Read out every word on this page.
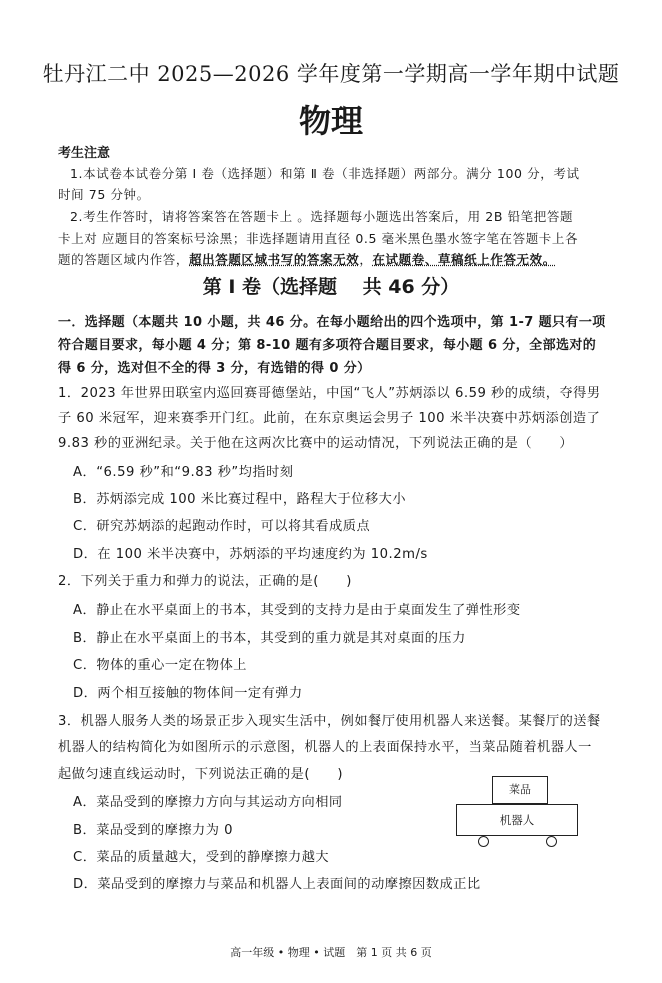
牡丹江二中 2025—2026 学年度第一学期高一学年期中试题
物理
考生注意
1.本试卷本试卷分第 Ⅰ 卷（选择题）和第 Ⅱ 卷（非选择题）两部分。满分 100 分，考试
时间 75 分钟。
2.考生作答时，请将答案答在答题卡上 。选择题每小题选出答案后，用 2B 铅笔把答题
卡上对 应题目的答案标号涂黑；非选择题请用直径 0.5 毫米黑色墨水签字笔在答题卡上各
题的答题区域内作答，超出答题区域书写的答案无效，在试题卷、草稿纸上作答无效。
第 Ⅰ 卷（选择题　 共 46 分）
一．选择题（本题共 10 小题，共 46 分。在每小题给出的四个选项中，第 1-7 题只有一项
符合题目要求，每小题 4 分；第 8-10 题有多项符合题目要求，每小题 6 分，全部选对的
得 6 分，选对但不全的得 3 分，有选错的得 0 分）
1．2023 年世界田联室内巡回赛哥德堡站，中国“飞人”苏炳添以 6.59 秒的成绩，夺得男
子 60 米冠军，迎来赛季开门红。此前，在东京奥运会男子 100 米半决赛中苏炳添创造了
9.83 秒的亚洲纪录。关于他在这两次比赛中的运动情况，下列说法正确的是（　　）
A．“6.59 秒”和“9.83 秒”均指时刻
B．苏炳添完成 100 米比赛过程中，路程大于位移大小
C．研究苏炳添的起跑动作时，可以将其看成质点
D．在 100 米半决赛中，苏炳添的平均速度约为 10.2m/s
2．下列关于重力和弹力的说法，正确的是(　　)
A．静止在水平桌面上的书本，其受到的支持力是由于桌面发生了弹性形变
B．静止在水平桌面上的书本，其受到的重力就是其对桌面的压力
C．物体的重心一定在物体上
D．两个相互接触的物体间一定有弹力
3．机器人服务人类的场景正步入现实生活中，例如餐厅使用机器人来送餐。某餐厅的送餐
机器人的结构简化为如图所示的示意图，机器人的上表面保持水平，当菜品随着机器人一
起做匀速直线运动时，下列说法正确的是(　　)
A．菜品受到的摩擦力方向与其运动方向相同
B．菜品受到的摩擦力为 0
C．菜品的质量越大，受到的静摩擦力越大
D．菜品受到的摩擦力与菜品和机器人上表面间的动摩擦因数成正比
菜品
机器人
高一年级 • 物理 • 试题　第 1 页 共 6 页
